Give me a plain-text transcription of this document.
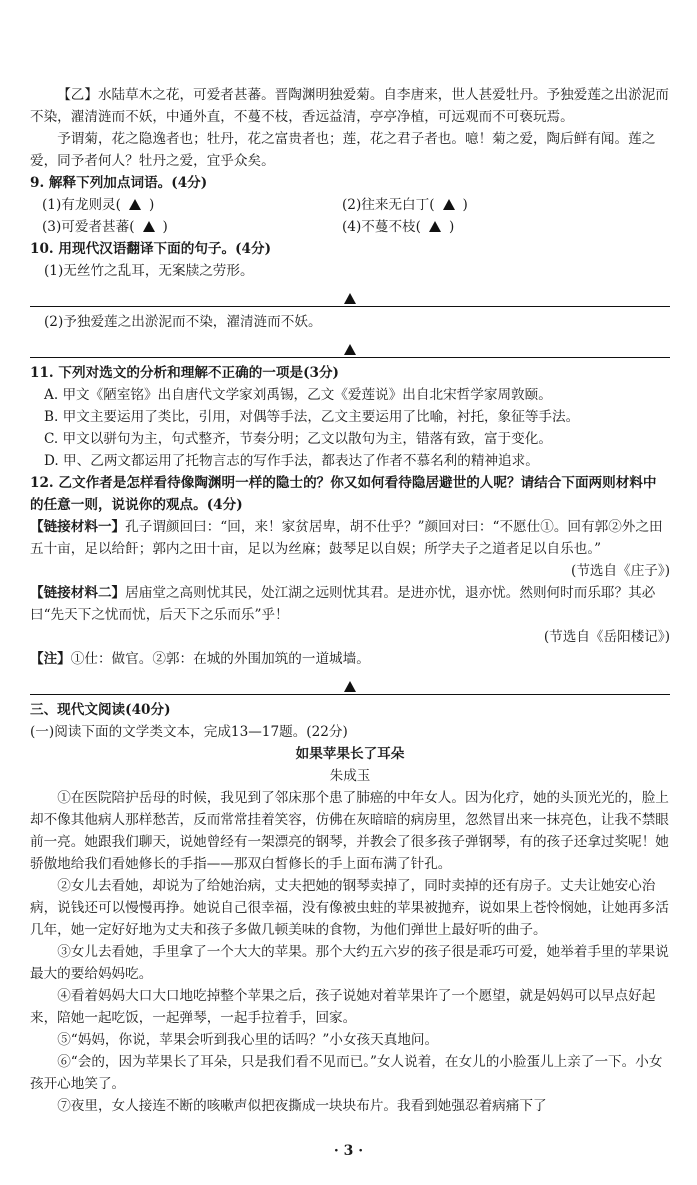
【乙】水陆草木之花，可爱者甚蕃。晋陶渊明独爱菊。自李唐来，世人甚爱牡丹。予独爱莲之出淤泥而不染，濯清涟而不妖，中通外直，不蔓不枝，香远益清，亭亭净植，可远观而不可亵玩焉。

予谓菊，花之隐逸者也；牡丹，花之富贵者也；莲，花之君子者也。噫！菊之爱，陶后鲜有闻。莲之爱，同予者何人？牡丹之爱，宜乎众矣。

9. 解释下列加点词语。(4分)

(1)有龙则灵( )	(2)往来无白丁( )
(3)可爱者甚蕃( )	(4)不蔓不枝( )

10. 用现代汉语翻译下面的句子。(4分)

(1)无丝竹之乱耳，无案牍之劳形。

(2)予独爱莲之出淤泥而不染，濯清涟而不妖。

11. 下列对选文的分析和理解不正确的一项是(3分)

A. 甲文《陋室铭》出自唐代文学家刘禹锡，乙文《爱莲说》出自北宋哲学家周敦颐。

B. 甲文主要运用了类比，引用，对偶等手法，乙文主要运用了比喻，衬托，象征等手法。

C. 甲文以骈句为主，句式整齐，节奏分明；乙文以散句为主，错落有致，富于变化。

D. 甲、乙两文都运用了托物言志的写作手法，都表达了作者不慕名利的精神追求。

12. 乙文作者是怎样看待像陶渊明一样的隐士的？你又如何看待隐居避世的人呢？请结合下面两则材料中的任意一则，说说你的观点。(4分)

【链接材料一】孔子谓颜回曰：“回，来！家贫居卑，胡不仕乎？”颜回对曰：“不愿仕①。回有郭②外之田五十亩，足以给飦；郭内之田十亩，足以为丝麻；鼓琴足以自娱；所学夫子之道者足以自乐也。”

(节选自《庄子》)

【链接材料二】居庙堂之高则忧其民，处江湖之远则忧其君。是进亦忧，退亦忧。然则何时而乐耶？其必曰“先天下之忧而忧，后天下之乐而乐”乎！

(节选自《岳阳楼记》)

【注】①仕：做官。②郭：在城的外围加筑的一道城墙。

三、现代文阅读(40分)

(一)阅读下面的文学类文本，完成13—17题。(22分)

如果苹果长了耳朵

朱成玉

①在医院陪护岳母的时候，我见到了邻床那个患了肺癌的中年女人。因为化疗，她的头顶光光的，脸上却不像其他病人那样愁苦，反而常常挂着笑容，仿佛在灰暗暗的病房里，忽然冒出来一抹亮色，让我不禁眼前一亮。她跟我们聊天，说她曾经有一架漂亮的钢琴，并教会了很多孩子弹钢琴，有的孩子还拿过奖呢！她骄傲地给我们看她修长的手指——那双白皙修长的手上面布满了针孔。

②女儿去看她，却说为了给她治病，丈夫把她的钢琴卖掉了，同时卖掉的还有房子。丈夫让她安心治病，说钱还可以慢慢再挣。她说自己很幸福，没有像被虫蛀的苹果被抛弃，说如果上苍怜悯她，让她再多活几年，她一定好好地为丈夫和孩子多做几顿美味的食物，为他们弹世上最好听的曲子。

③女儿去看她，手里拿了一个大大的苹果。那个大约五六岁的孩子很是乖巧可爱，她举着手里的苹果说最大的要给妈妈吃。

④看着妈妈大口大口地吃掉整个苹果之后，孩子说她对着苹果许了一个愿望，就是妈妈可以早点好起来，陪她一起吃饭，一起弹琴，一起手拉着手，回家。

⑤“妈妈，你说，苹果会听到我心里的话吗？”小女孩天真地问。

⑥“会的，因为苹果长了耳朵，只是我们看不见而已。”女人说着，在女儿的小脸蛋儿上亲了一下。小女孩开心地笑了。

⑦夜里，女人接连不断的咳嗽声似把夜撕成一块块布片。我看到她强忍着病痛下了

· 3 ·
